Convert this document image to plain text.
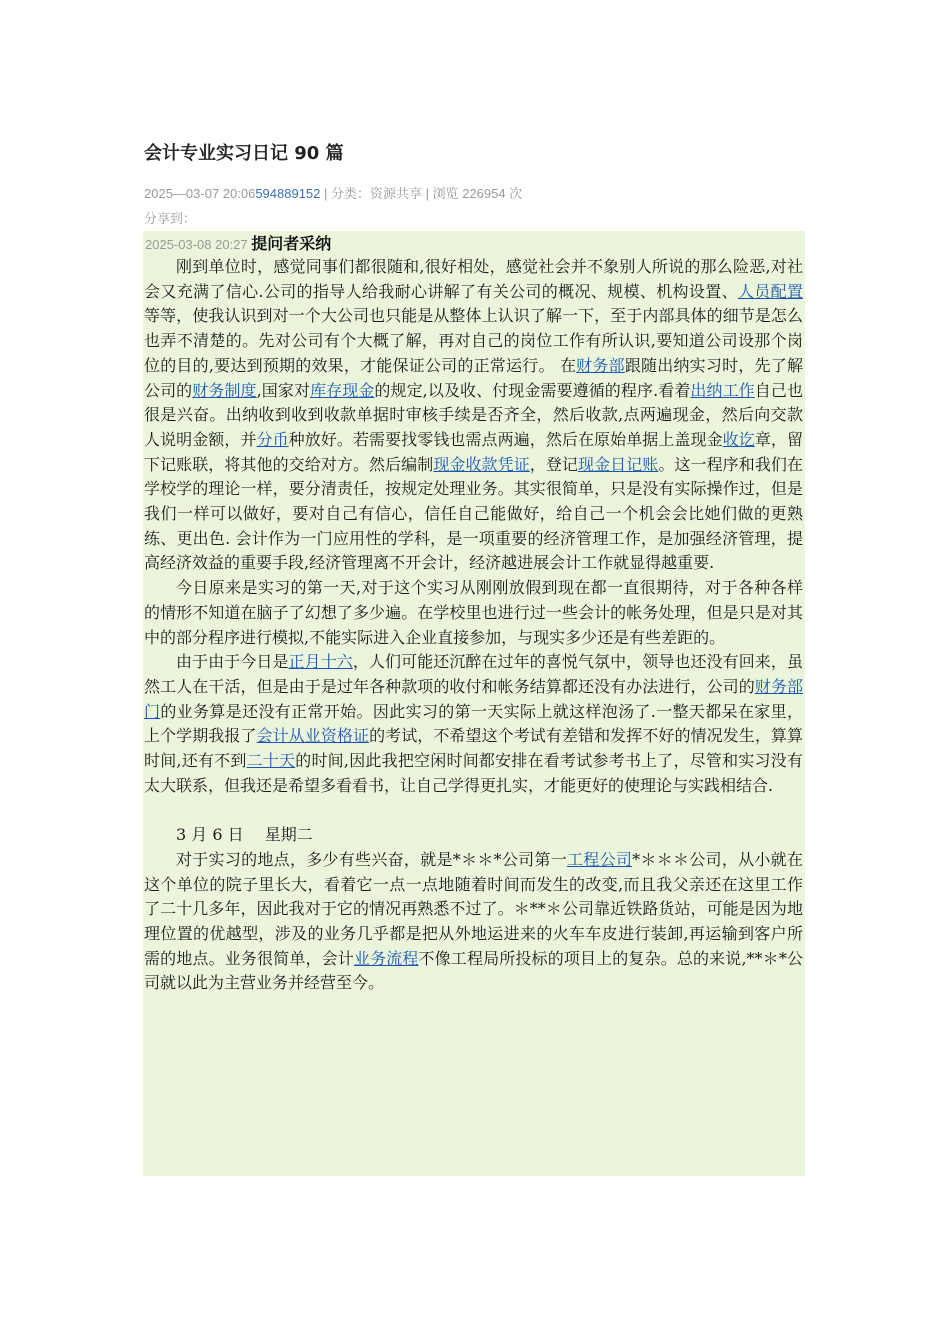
会计专业实习日记 90 篇
2025—03-07 20:06594889152 | 分类：资源共享 | 浏览 226954 次
分享到：
2025-03-08 20:27 提问者采纳

刚到单位时，感觉同事们都很随和,很好相处，感觉社会并不象别人所说的那么险恶,对社会又充满了信心.公司的指导人给我耐心讲解了有关公司的概况、规模、机构设置、人员配置等等，使我认识到对一个大公司也只能是从整体上认识了解一下，至于内部具体的细节是怎么也弄不清楚的。先对公司有个大概了解，再对自己的岗位工作有所认识,要知道公司设那个岗位的目的,要达到预期的效果，才能保证公司的正常运行。 在财务部跟随出纳实习时，先了解公司的财务制度,国家对库存现金的规定,以及收、付现金需要遵循的程序.看着出纳工作自己也很是兴奋。出纳收到收到收款单据时审核手续是否齐全，然后收款,点两遍现金，然后向交款人说明金额，并分币种放好。若需要找零钱也需点两遍，然后在原始单据上盖现金收讫章，留下记账联，将其他的交给对方。然后编制现金收款凭证，登记现金日记账。这一程序和我们在学校学的理论一样，要分清责任，按规定处理业务。其实很简单，只是没有实际操作过，但是我们一样可以做好，要对自己有信心，信任自己能做好，给自己一个机会会比她们做的更熟练、更出色. 会计作为一门应用性的学科，是一项重要的经济管理工作，是加强经济管理，提高经济效益的重要手段,经济管理离不开会计，经济越进展会计工作就显得越重要.

今日原来是实习的第一天,对于这个实习从刚刚放假到现在都一直很期待，对于各种各样的情形不知道在脑子了幻想了多少遍。在学校里也进行过一些会计的帐务处理，但是只是对其中的部分程序进行模拟,不能实际进入企业直接参加，与现实多少还是有些差距的。

由于由于今日是正月十六，人们可能还沉醉在过年的喜悦气氛中，领导也还没有回来，虽然工人在干活，但是由于是过年各种款项的收付和帐务结算都还没有办法进行，公司的财务部门的业务算是还没有正常开始。因此实习的第一天实际上就这样泡汤了.一整天都呆在家里，上个学期我报了会计从业资格证的考试，不希望这个考试有差错和发挥不好的情况发生，算算时间,还有不到二十天的时间,因此我把空闲时间都安排在看考试参考书上了，尽管和实习没有太大联系，但我还是希望多看看书，让自己学得更扎实，才能更好的使理论与实践相结合.

3 月 6 日　 星期二

对于实习的地点，多少有些兴奋，就是*＊＊*公司第一工程公司*＊＊＊公司，从小就在这个单位的院子里长大，看着它一点一点地随着时间而发生的改变,而且我父亲还在这里工作了二十几多年，因此我对于它的情况再熟悉不过了。＊**＊公司靠近铁路货站，可能是因为地理位置的优越型，涉及的业务几乎都是把从外地运进来的火车车皮进行装卸,再运输到客户所需的地点。业务很简单，会计业务流程不像工程局所投标的项目上的复杂。总的来说,**＊*公司就以此为主营业务并经营至今。
